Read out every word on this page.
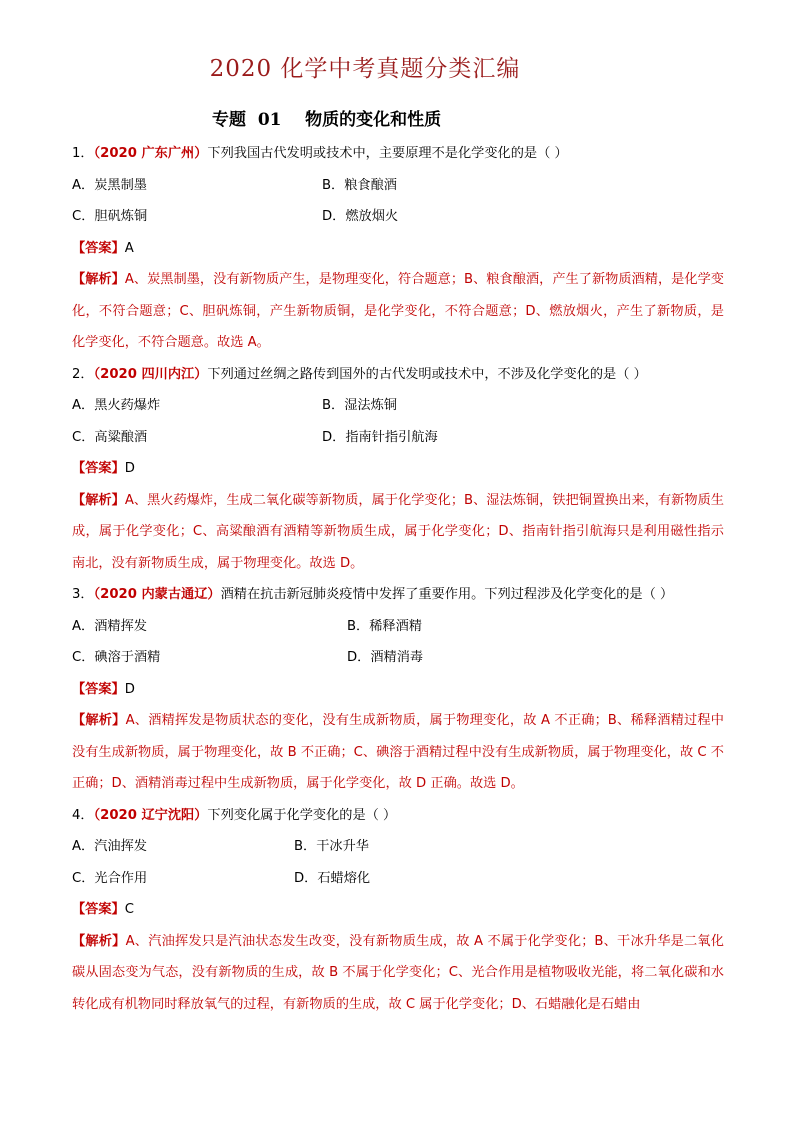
2020 化学中考真题分类汇编
专题  01    物质的变化和性质
1．（2020 广东广州）下列我国古代发明或技术中，主要原理不是化学变化的是（ ）
A．炭黑制墨	B．粮食酿酒
C．胆矾炼铜	D．燃放烟火
【答案】A

【解析】A、炭黑制墨，没有新物质产生，是物理变化，符合题意；B、粮食酿酒，产生了新物质酒精，是化学变化，不符合题意；C、胆矾炼铜，产生新物质铜，是化学变化，不符合题意；D、燃放烟火，产生了新物质，是化学变化，不符合题意。故选 A。

2．（2020 四川内江）下列通过丝绸之路传到国外的古代发明或技术中，不涉及化学变化的是（ ）
A．黑火药爆炸	B．湿法炼铜
C．高粱酿酒	D．指南针指引航海
【答案】D

【解析】A、黑火药爆炸，生成二氧化碳等新物质，属于化学变化；B、湿法炼铜，铁把铜置换出来，有新物质生成，属于化学变化；C、高粱酿酒有酒精等新物质生成，属于化学变化；D、指南针指引航海只是利用磁性指示南北，没有新物质生成，属于物理变化。故选 D。

3．（2020 内蒙古通辽）酒精在抗击新冠肺炎疫情中发挥了重要作用。下列过程涉及化学变化的是（ ）
A．酒精挥发	B．稀释酒精
C．碘溶于酒精	D．酒精消毒
【答案】D

【解析】A、酒精挥发是物质状态的变化，没有生成新物质，属于物理变化，故 A 不正确；B、稀释酒精过程中没有生成新物质，属于物理变化，故 B 不正确；C、碘溶于酒精过程中没有生成新物质，属于物理变化，故 C 不正确；D、酒精消毒过程中生成新物质，属于化学变化，故 D 正确。故选 D。

4．（2020 辽宁沈阳）下列变化属于化学变化的是（ ）
A．汽油挥发	B．干冰升华
C．光合作用	D．石蜡熔化
【答案】C

【解析】A、汽油挥发只是汽油状态发生改变，没有新物质生成，故 A 不属于化学变化；B、干冰升华是二氧化碳从固态变为气态，没有新物质的生成，故 B 不属于化学变化；C、光合作用是植物吸收光能，将二氧化碳和水转化成有机物同时释放氧气的过程，有新物质的生成，故 C 属于化学变化；D、石蜡融化是石蜡由
